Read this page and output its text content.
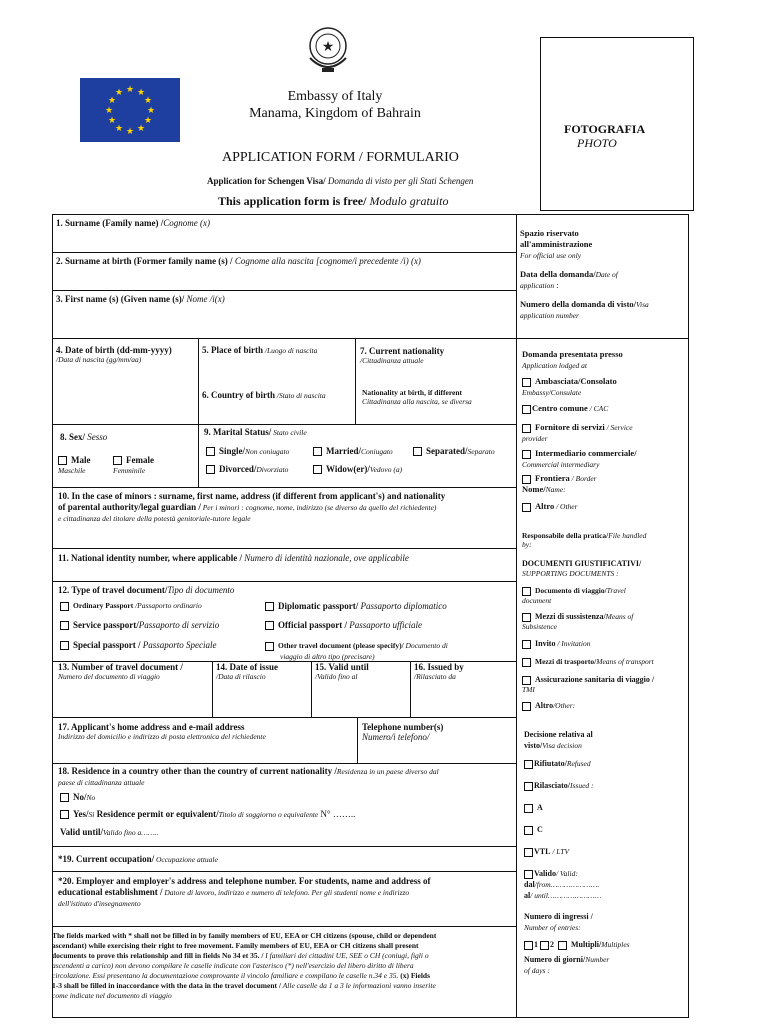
★ ★
★
★
★
★
★
★
★
★
★
★
★
Embassy of Italy
Manama, Kingdom of Bahrain
APPLICATION FORM / FORMULARIO
Application for Schengen Visa/ Domanda di visto per gli Stati Schengen
This application form is free/ Modulo gratuito
FOTOGRAFIA
PHOTO
1. Surname (Family name) /Cognome (x)
2. Surname at birth (Former family name (s) / Cognome alla nascita [cognome/i precedente /i) (x)
3. First name (s) (Given name (s)/ Nome /i(x)
4. Date of birth (dd-mm-yyyy)
/Data di nascita (gg/mm/aa)
5. Place of birth /Luogo di nascita
6. Country of birth /Stato di nascita
7. Current nationality
/Cittadinanza attuale
Nationality at birth, if different
Cittadinanza alla nascita, se diversa
8. Sex/ Sesso
Male
Maschile
Female
Femminile
9. Marital Status/ Stato civile
Single/Non coniugato	Married/Coniugato	Separated/Separato
Divorced/Divorziato	Widow(er)/Vedovo (a)
10. In the case of minors : surname, first name, address (if different from applicant's) and nationality
of parental authority/legal guardian / Per i minori : cognome, nome, indirizzo (se diverso da quello del richiedente)
e cittadinanza del titolare della potestà genitoriale-tutore legale
11. National identity number, where applicable / Numero di identità nazionale, ove applicabile
12. Type of travel document/Tipo di documento
Ordinary Passport /Passaporto ordinario	Diplomatic passport/ Passaporto diplomatico
Service passport/Passaporto di servizio	Official passport / Passaporto ufficiale
Special passport / Passaporto Speciale	Other travel document (please specify)/ Documento di
viaggio di altro tipo (precisare)
13. Number of travel document /
Numero del documento di viaggio
14. Date of issue
/Data di rilascio
15. Valid until
/Valido fino al
16. Issued by
/Rilasciato da
17. Applicant's home address and e-mail address
Indirizzo del domicilio e indirizzo di posta elettronica del richiedente
Telephone number(s)
Numero/i telefono/
18. Residence in a country other than the country of current nationality /Residenza in un paese diverso dal
paese di cittadinanza attuale
No/No
Yes/Sì Residence permit or equivalent/Titolo di soggiorno o equivalente N° ……..
Valid until/Valido fino a……..
*19. Current occupation/ Occupazione attuale
*20. Employer and employer's address and telephone number. For students, name and address of
educational establishment / Datore di lavoro, indirizzo e numero di telefono. Per gli studenti nome e indirizzo
dell'istituto d'insegnamento
The fields marked with * shall not be filled in by family members of EU, EEA or CH citizens (spouse, child or dependent
ascendant) while exercising their right to free movement. Family members of EU, EEA or CH citizens shall present
documents to prove this relationship and fill in fields No 34 et 35. / I familiari dei cittadini UE, SEE o CH (coniugi, figli o
ascendenti a carico) non devono compilare le caselle indicate con l'asterisco (*) nell'esercizio del libero diritto di libera
circolazione. Essi presentano la documentazione comprovante il vincolo familiare e compilano le caselle n.34 e 35. (x) Fields
1-3 shall be filled in inaccordance with the data in the travel document / Alle caselle da 1 a 3 le informazioni vanno inserite
come indicate nel documento di viaggio
Spazio riservato
all'amministrazione
For official use only
Data della domanda/Date of
application :
Numero della domanda di visto/Visa
application number
Domanda presentata presso
Application lodged at
Ambasciata/Consolato
Embassy/Consulate
Centro comune / CAC
Fornitore di servizi / Service
provider
Intermediario commerciale/
Commercial intermediary
Frontiera / Border
Nome/Name:
Altro / Other
Responsabile della pratica/File handled
by:
DOCUMENTI GIUSTIFICATIVI/
SUPPORTING DOCUMENTS :
Documento di viaggio/Travel
document
Mezzi di sussistenza/Means of
Subsistence
Invito / Invitation
Mezzi di trasporto/Means of transport
Assicurazione sanitaria di viaggio /
TMI
Altro/Other:
Decisione relativa al
visto/Visa decision
Rifiutato/Refused
Rilasciato/Issued :
A
C
VTL / LTV
Valido/ Valid:
dal/from………………….
al/ until……………………
Numero di ingressi /
Number of entries:
1 2 Multipli/Multiples
Numero di giorni/Number
of days :
